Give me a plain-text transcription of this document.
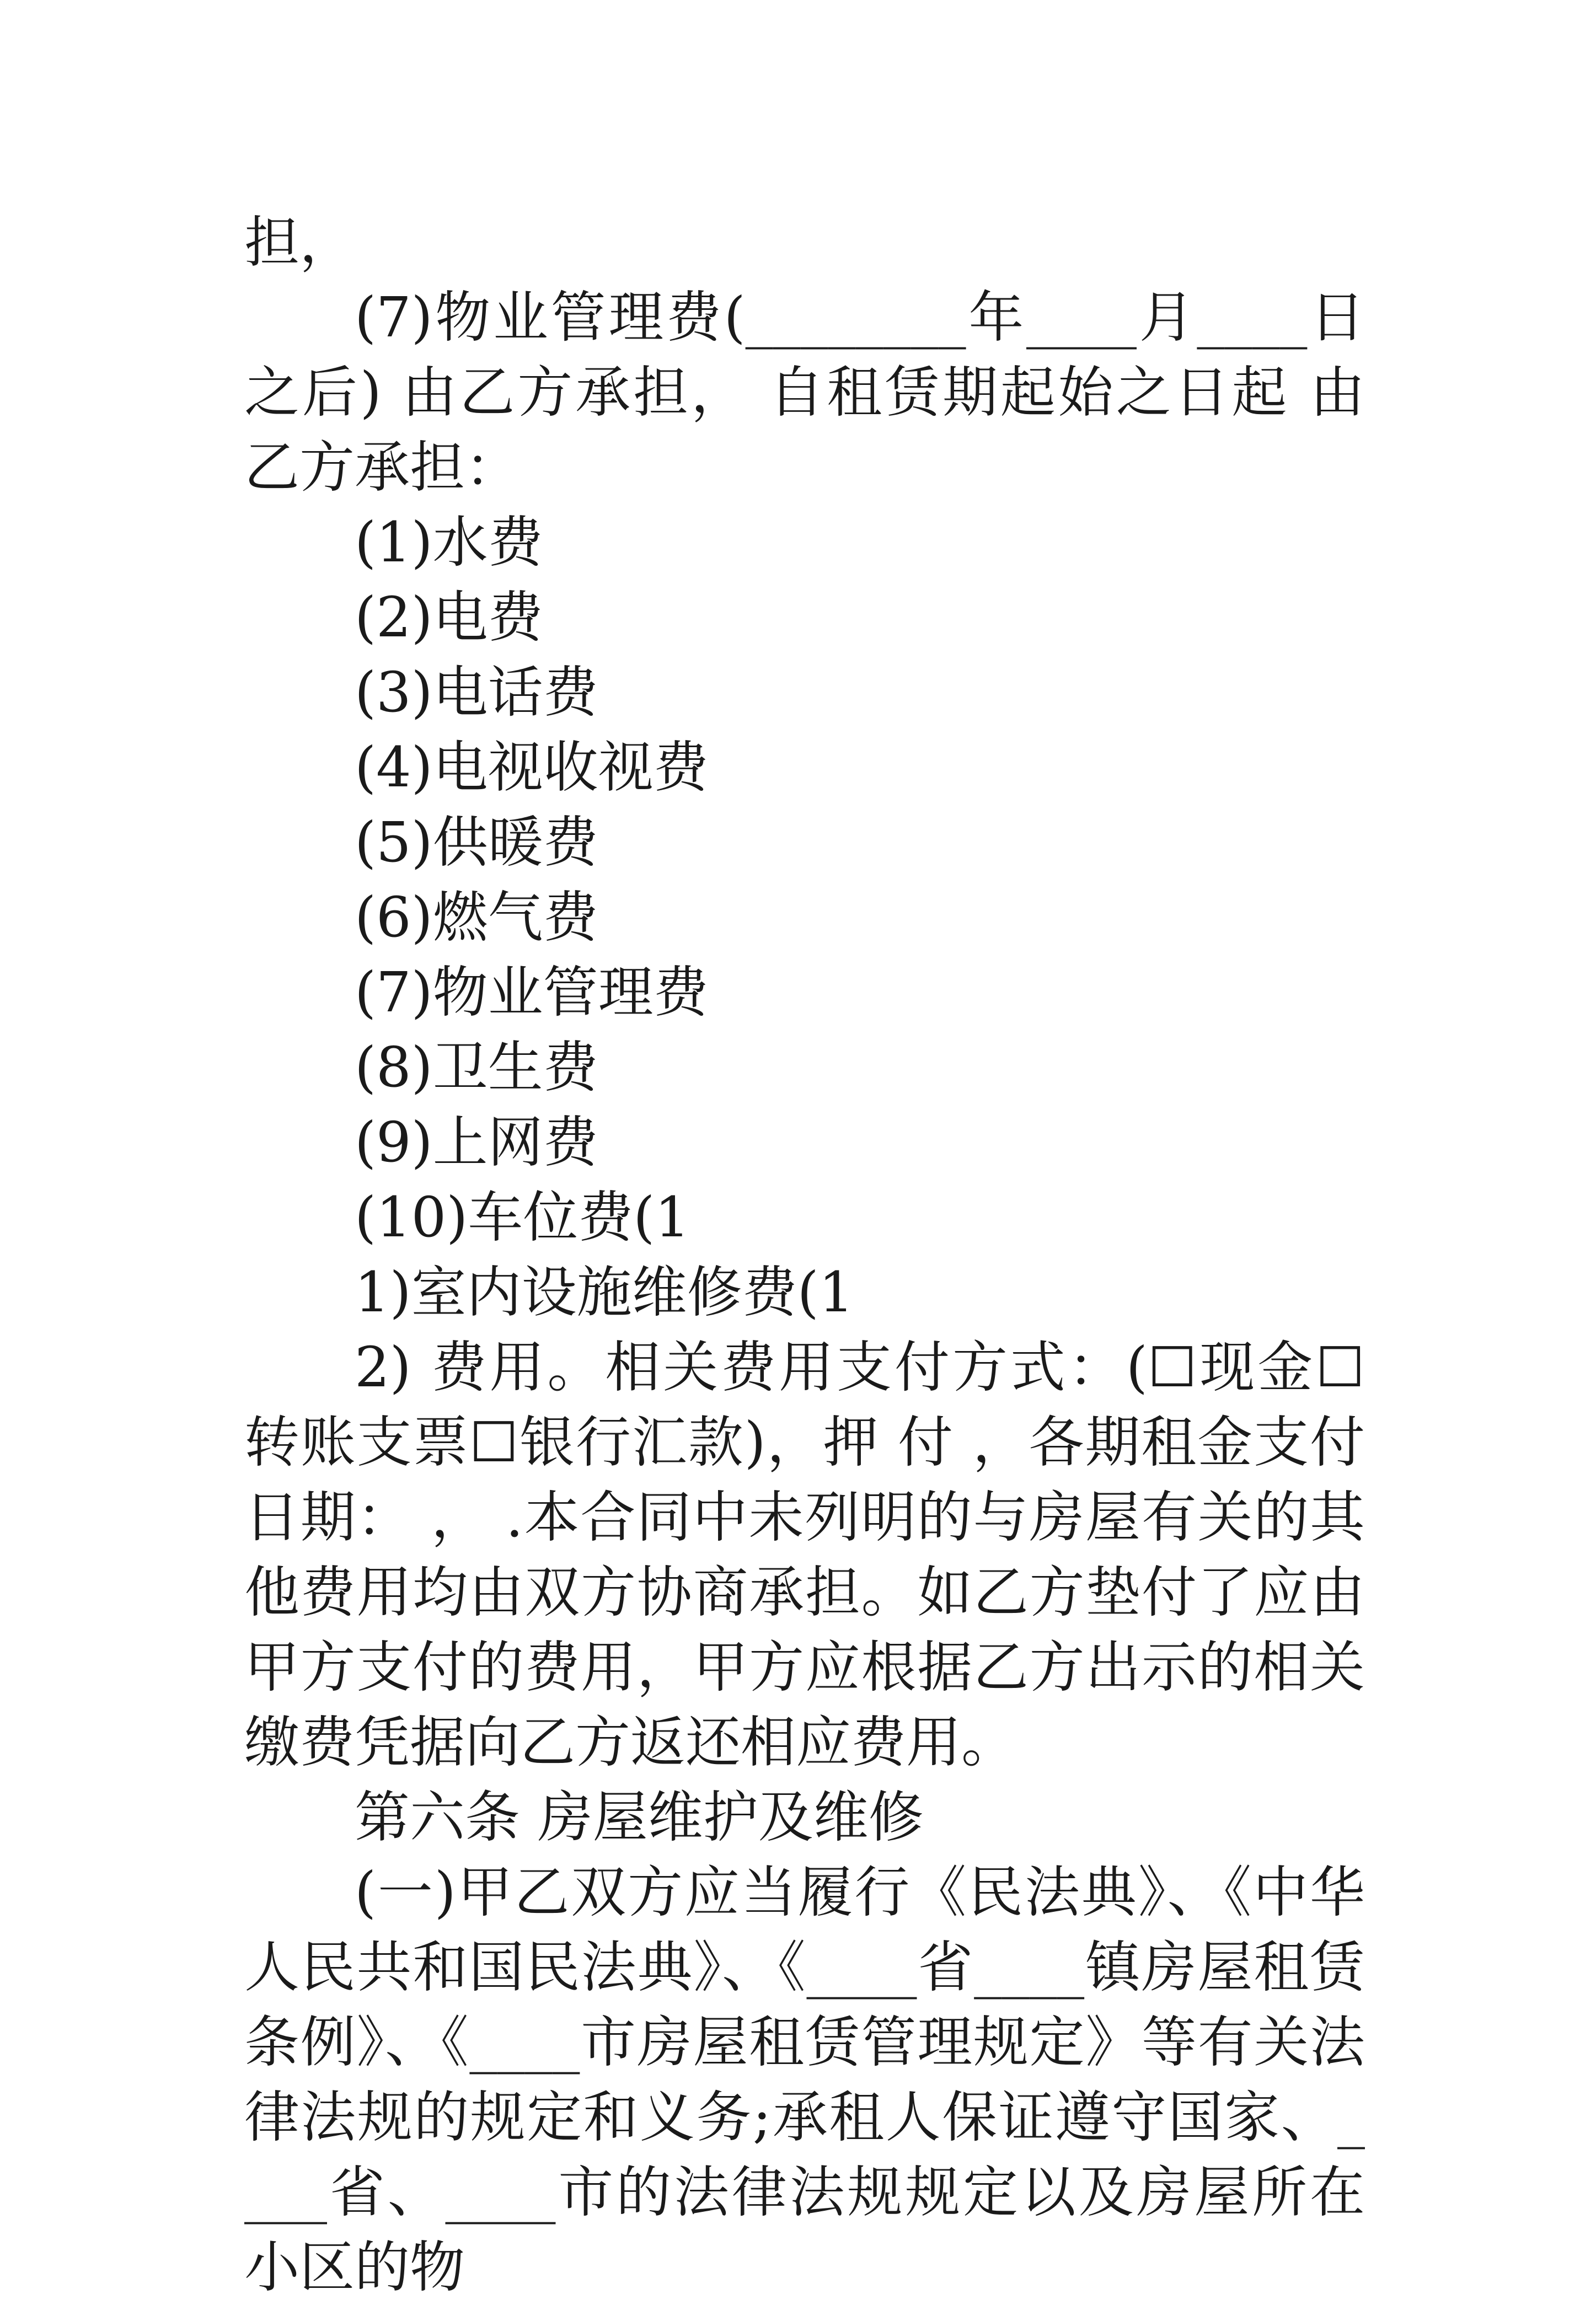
担，

(7)物业管理费(________年____月____日之后) 由乙方承担， 自租赁期起始之日起 由乙方承担：

(1)水费

(2)电费

(3)电话费

(4)电视收视费

(5)供暖费

(6)燃气费

(7)物业管理费

(8)卫生费

(9)上网费

(10)车位费(1

1)室内设施维修费(1

2) 费用。相关费用支付方式：(☐现金☐转账支票☐银行汇款)，押 付 ，各期租金支付日期： ， .本合同中未列明的与房屋有关的其他费用均由双方协商承担。如乙方垫付了应由甲方支付的费用，甲方应根据乙方出示的相关缴费凭据向乙方返还相应费用。

第六条 房屋维护及维修

(一)甲乙双方应当履行《民法典》、《中华人民共和国民法典》、《____省____镇房屋租赁条例》、《____市房屋租赁管理规定》等有关法律法规的规定和义务;承租人保证遵守国家、____省、____市的法律法规规定以及房屋所在小区的物
